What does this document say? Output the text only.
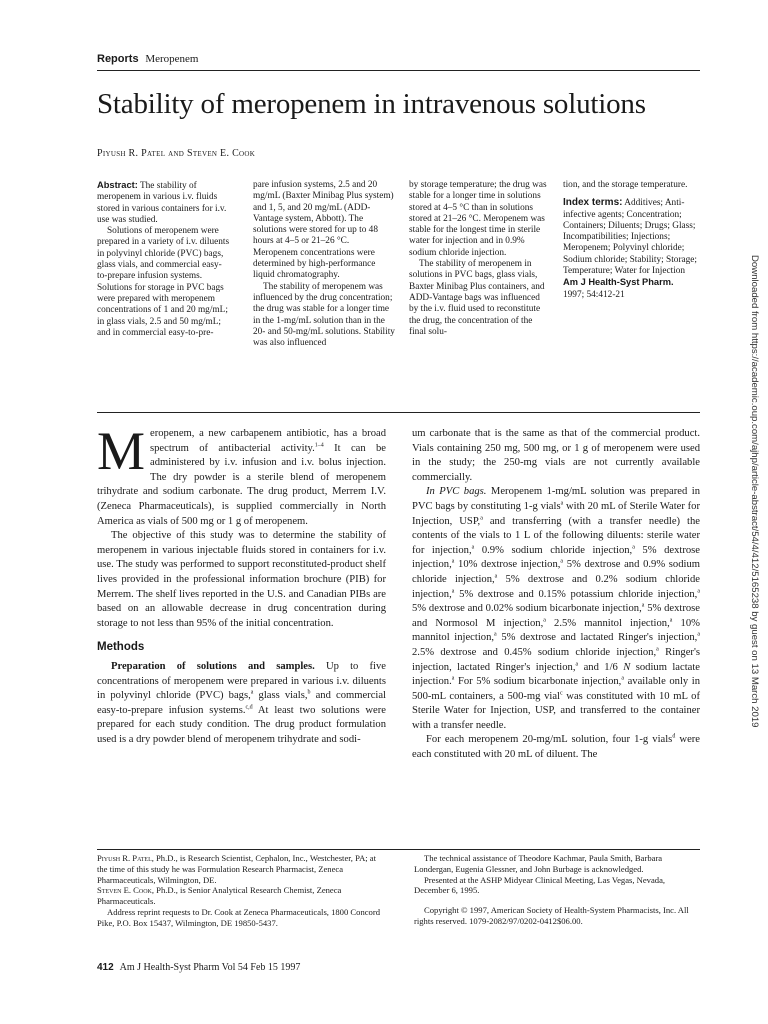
Reports Meropenem
Stability of meropenem in intravenous solutions
Piyush R. Patel and Steven E. Cook

Abstract: The stability of meropenem in various i.v. fluids stored in various containers for i.v. use was studied.

Solutions of meropenem were prepared in a variety of i.v. diluents in polyvinyl chloride (PVC) bags, glass vials, and commercial easy-to-prepare infusion systems. Solutions for storage in PVC bags were prepared with meropenem concentrations of 1 and 20 mg/mL; in glass vials, 2.5 and 50 mg/mL; and in commercial easy-to-pre-

pare infusion systems, 2.5 and 20 mg/mL (Baxter Minibag Plus system) and 1, 5, and 20 mg/mL (ADD-Vantage system, Abbott). The solutions were stored for up to 48 hours at 4–5 or 21–26 °C. Meropenem concentrations were determined by high-performance liquid chromatography.

The stability of meropenem was influenced by the drug concentration; the drug was stable for a longer time in the 1-mg/mL solution than in the 20- and 50-mg/mL solutions. Stability was also influenced

by storage temperature; the drug was stable for a longer time in solutions stored at 4–5 °C than in solutions stored at 21–26 °C. Meropenem was stable for the longest time in sterile water for injection and in 0.9% sodium chloride injection.

The stability of meropenem in solutions in PVC bags, glass vials, Baxter Minibag Plus containers, and ADD-Vantage bags was influenced by the i.v. fluid used to reconstitute the drug, the concentration of the final solu-

tion, and the storage temperature.

Index terms: Additives; Anti-infective agents; Concentration; Containers; Diluents; Drugs; Glass; Incompatibilities; Injections; Meropenem; Polyvinyl chloride; Sodium chloride; Stability; Storage; Temperature; Water for Injection

Am J Health-Syst Pharm.

1997; 54:412-21

Meropenem, a new carbapenem antibiotic, has a broad spectrum of antibacterial activity.$^{1-4}$ It can be administered by i.v. infusion and i.v. bolus injection. The dry powder is a sterile blend of meropenem trihydrate and sodium carbonate. The drug product, Merrem I.V. (Zeneca Pharmaceuticals), is supplied commercially in North America as vials of 500 mg or 1 g of meropenem.

The objective of this study was to determine the stability of meropenem in various injectable fluids stored in containers for i.v. use. The study was performed to support reconstituted-product shelf lives provided in the professional information brochure (PIB) for Merrem. The shelf lives reported in the U.S. and Canadian PIBs are based on an allowable decrease in drug concentration during storage to not less than 95% of the initial concentration.

Methods

Preparation of solutions and samples. Up to five concentrations of meropenem were prepared in various i.v. diluents in polyvinyl chloride (PVC) bags,$^a$ glass vials,$^b$ and commercial easy-to-prepare infusion systems.$^{c,d}$ At least two solutions were prepared for each study condition. The drug product formulation used is a dry powder blend of meropenem trihydrate and sodi-

um carbonate that is the same as that of the commercial product. Vials containing 250 mg, 500 mg, or 1 g of meropenem were used in the study; the 250-mg vials are not currently available commercially.

In PVC bags. Meropenem 1-mg/mL solution was prepared in PVC bags by constituting 1-g vials$^a$ with 20 mL of Sterile Water for Injection, USP,$^a$ and transferring (with a transfer needle) the contents of the vials to 1 L of the following diluents: sterile water for injection,$^a$ 0.9% sodium chloride injection,$^a$ 5% dextrose injection,$^a$ 10% dextrose injection,$^a$ 5% dextrose and 0.9% sodium chloride injection,$^a$ 5% dextrose and 0.2% sodium chloride injection,$^a$ 5% dextrose and 0.15% potassium chloride injection,$^a$ 5% dextrose and 0.02% sodium bicarbonate injection,$^a$ 5% dextrose and Normosol M injection,$^a$ 2.5% mannitol injection,$^a$ 10% mannitol injection,$^a$ 5% dextrose and lactated Ringer's injection,$^a$ 2.5% dextrose and 0.45% sodium chloride injection,$^a$ Ringer's injection, lactated Ringer's injection,$^a$ and 1/6 N sodium lactate injection.$^a$ For 5% sodium bicarbonate injection,$^a$ available only in 500-mL containers, a 500-mg vial$^c$ was constituted with 10 mL of Sterile Water for Injection, USP, and transferred to the container with a transfer needle.

For each meropenem 20-mg/mL solution, four 1-g vials$^d$ were each constituted with 20 mL of diluent. The

Piyush R. Patel, Ph.D., is Research Scientist, Cephalon, Inc., Westchester, PA; at the time of this study he was Formulation Research Pharmacist, Zeneca Pharmaceuticals, Wilmington, DE.

Steven E. Cook, Ph.D., is Senior Analytical Research Chemist, Zeneca Pharmaceuticals.

Address reprint requests to Dr. Cook at Zeneca Pharmaceuticals, 1800 Concord Pike, P.O. Box 15437, Wilmington, DE 19850-5437.

The technical assistance of Theodore Kachmar, Paula Smith, Barbara Londergan, Eugenia Glessner, and John Burbage is acknowledged.

Presented at the ASHP Midyear Clinical Meeting, Las Vegas, Nevada, December 6, 1995.

Copyright © 1997, American Society of Health-System Pharmacists, Inc. All rights reserved. 1079-2082/97/0202-0412$06.00.

412 Am J Health-Syst Pharm Vol 54 Feb 15 1997
Downloaded from https://academic.oup.com/ajhp/article-abstract/54/4/412/5165238 by guest on 13 March 2019
